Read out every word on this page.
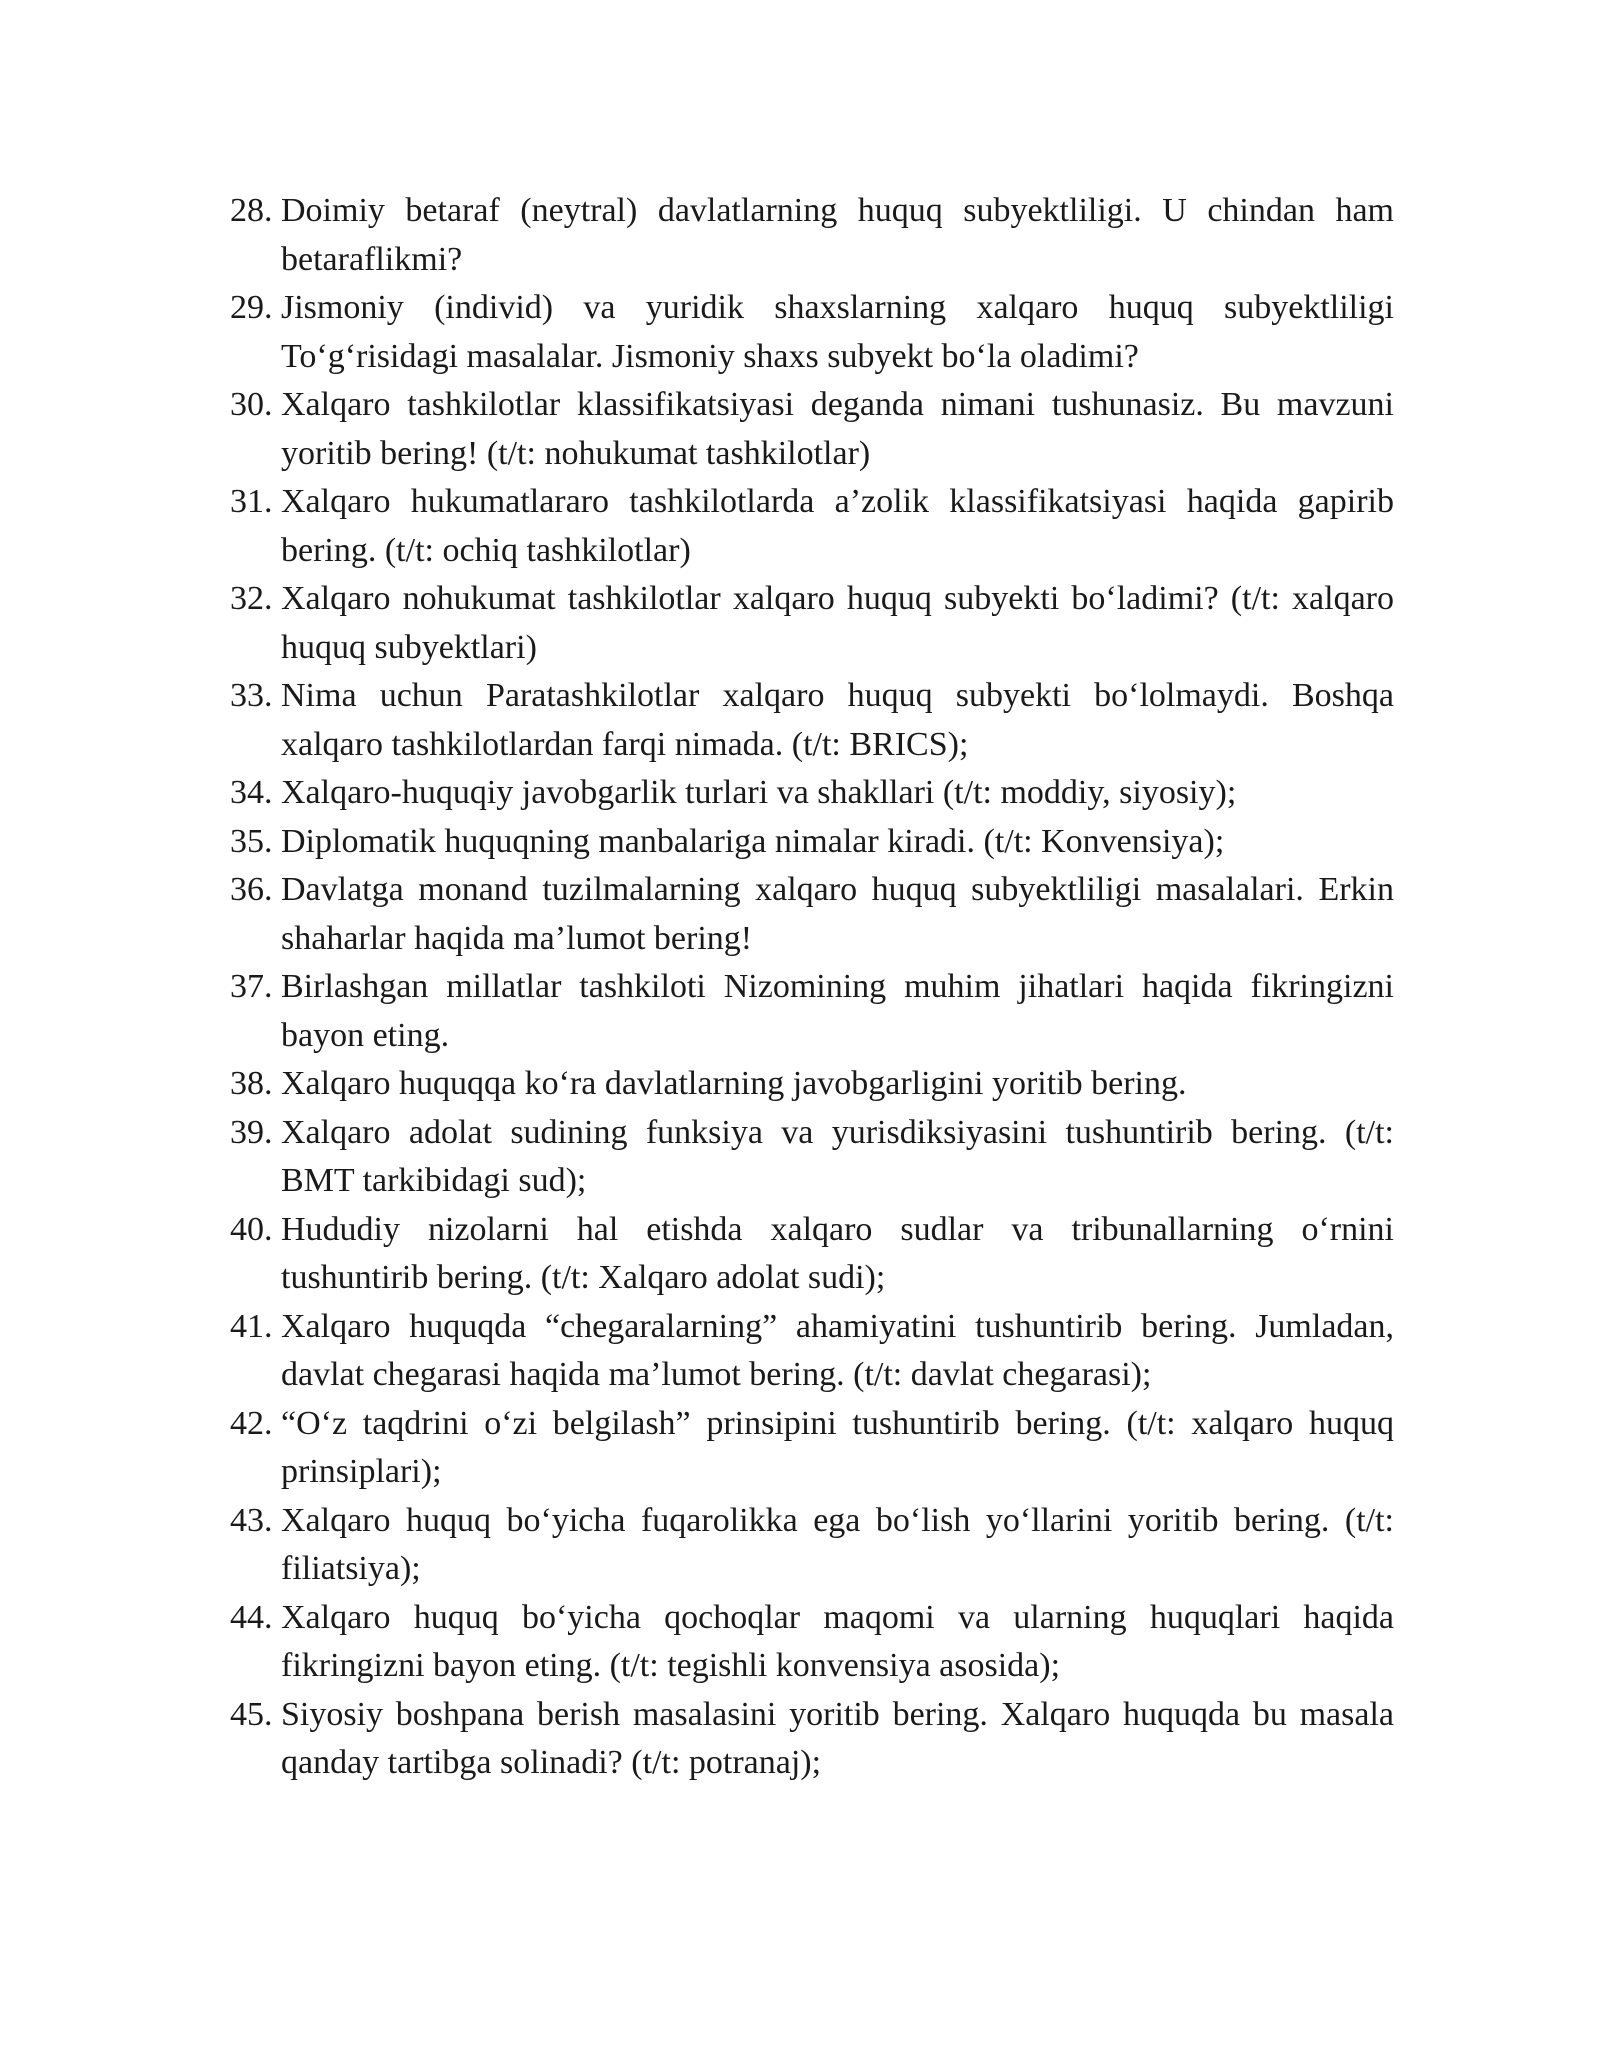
28. Doimiy betaraf (neytral) davlatlarning huquq subyektliligi. U chindan ham betaraflikmi?
29. Jismoniy (individ) va yuridik shaxslarning xalqaro huquq subyektliligi To‘g‘risidagi masalalar. Jismoniy shaxs subyekt bo‘la oladimi?
30. Xalqaro tashkilotlar klassifikatsiyasi deganda nimani tushunasiz. Bu mavzuni yoritib bering! (t/t: nohukumat tashkilotlar)
31. Xalqaro hukumatlararo tashkilotlarda a’zolik klassifikatsiyasi haqida gapirib bering. (t/t: ochiq tashkilotlar)
32. Xalqaro nohukumat tashkilotlar xalqaro huquq subyekti bo‘ladimi? (t/t: xalqaro huquq subyektlari)
33. Nima uchun Paratashkilotlar xalqaro huquq subyekti bo‘lolmaydi. Boshqa xalqaro tashkilotlardan farqi nimada. (t/t: BRICS);
34. Xalqaro-huquqiy javobgarlik turlari va shakllari (t/t: moddiy, siyosiy);
35. Diplomatik huquqning manbalariga nimalar kiradi. (t/t: Konvensiya);
36. Davlatga monand tuzilmalarning xalqaro huquq subyektliligi masalalari. Erkin shaharlar haqida ma’lumot bering!
37. Birlashgan millatlar tashkiloti Nizomining muhim jihatlari haqida fikringizni bayon eting.
38. Xalqaro huquqqa ko‘ra davlatlarning javobgarligini yoritib bering.
39. Xalqaro adolat sudining funksiya va yurisdiksiyasini tushuntirib bering. (t/t: BMT tarkibidagi sud);
40. Hududiy nizolarni hal etishda xalqaro sudlar va tribunallarning o‘rnini tushuntirib bering. (t/t: Xalqaro adolat sudi);
41. Xalqaro huquqda “chegaralarning” ahamiyatini tushuntirib bering. Jumladan, davlat chegarasi haqida ma’lumot bering. (t/t: davlat chegarasi);
42. “O‘z taqdrini o‘zi belgilash” prinsipini tushuntirib bering. (t/t: xalqaro huquq prinsiplari);
43. Xalqaro huquq bo‘yicha fuqarolikka ega bo‘lish yo‘llarini yoritib bering. (t/t: filiatsiya);
44. Xalqaro huquq bo‘yicha qochoqlar maqomi va ularning huquqlari haqida fikringizni bayon eting. (t/t: tegishli konvensiya asosida);
45. Siyosiy boshpana berish masalasini yoritib bering. Xalqaro huquqda bu masala qanday tartibga solinadi? (t/t: potranaj);
